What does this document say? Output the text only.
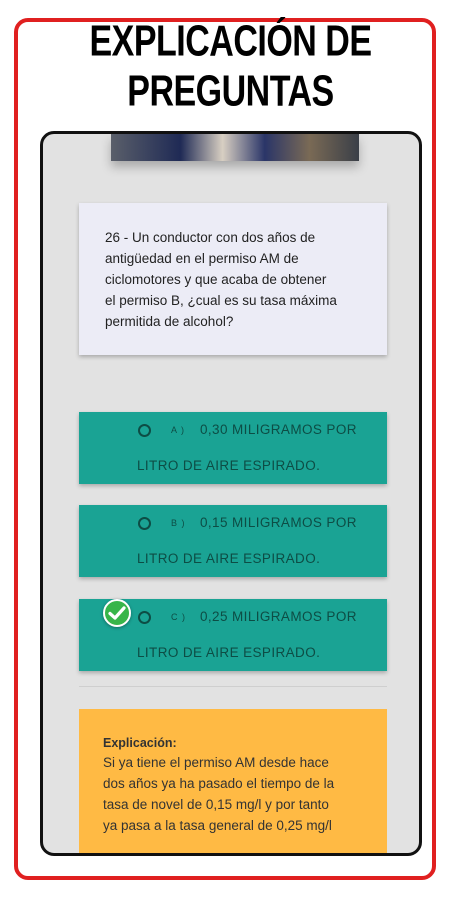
EXPLICACIÓN DE PREGUNTAS
26 - Un conductor con dos años de
antigüedad en el permiso AM de
ciclomotores y que acaba de obtener
el permiso B, ¿cual es su tasa máxima
permitida de alcohol?
A ) 0,30 MILIGRAMOS POR
LITRO DE AIRE ESPIRADO.
B ) 0,15 MILIGRAMOS POR
LITRO DE AIRE ESPIRADO.
C ) 0,25 MILIGRAMOS POR
LITRO DE AIRE ESPIRADO.
Explicación:
Si ya tiene el permiso AM desde hace
dos años ya ha pasado el tiempo de la
tasa de novel de 0,15 mg/l y por tanto
ya pasa a la tasa general de 0,25 mg/l
